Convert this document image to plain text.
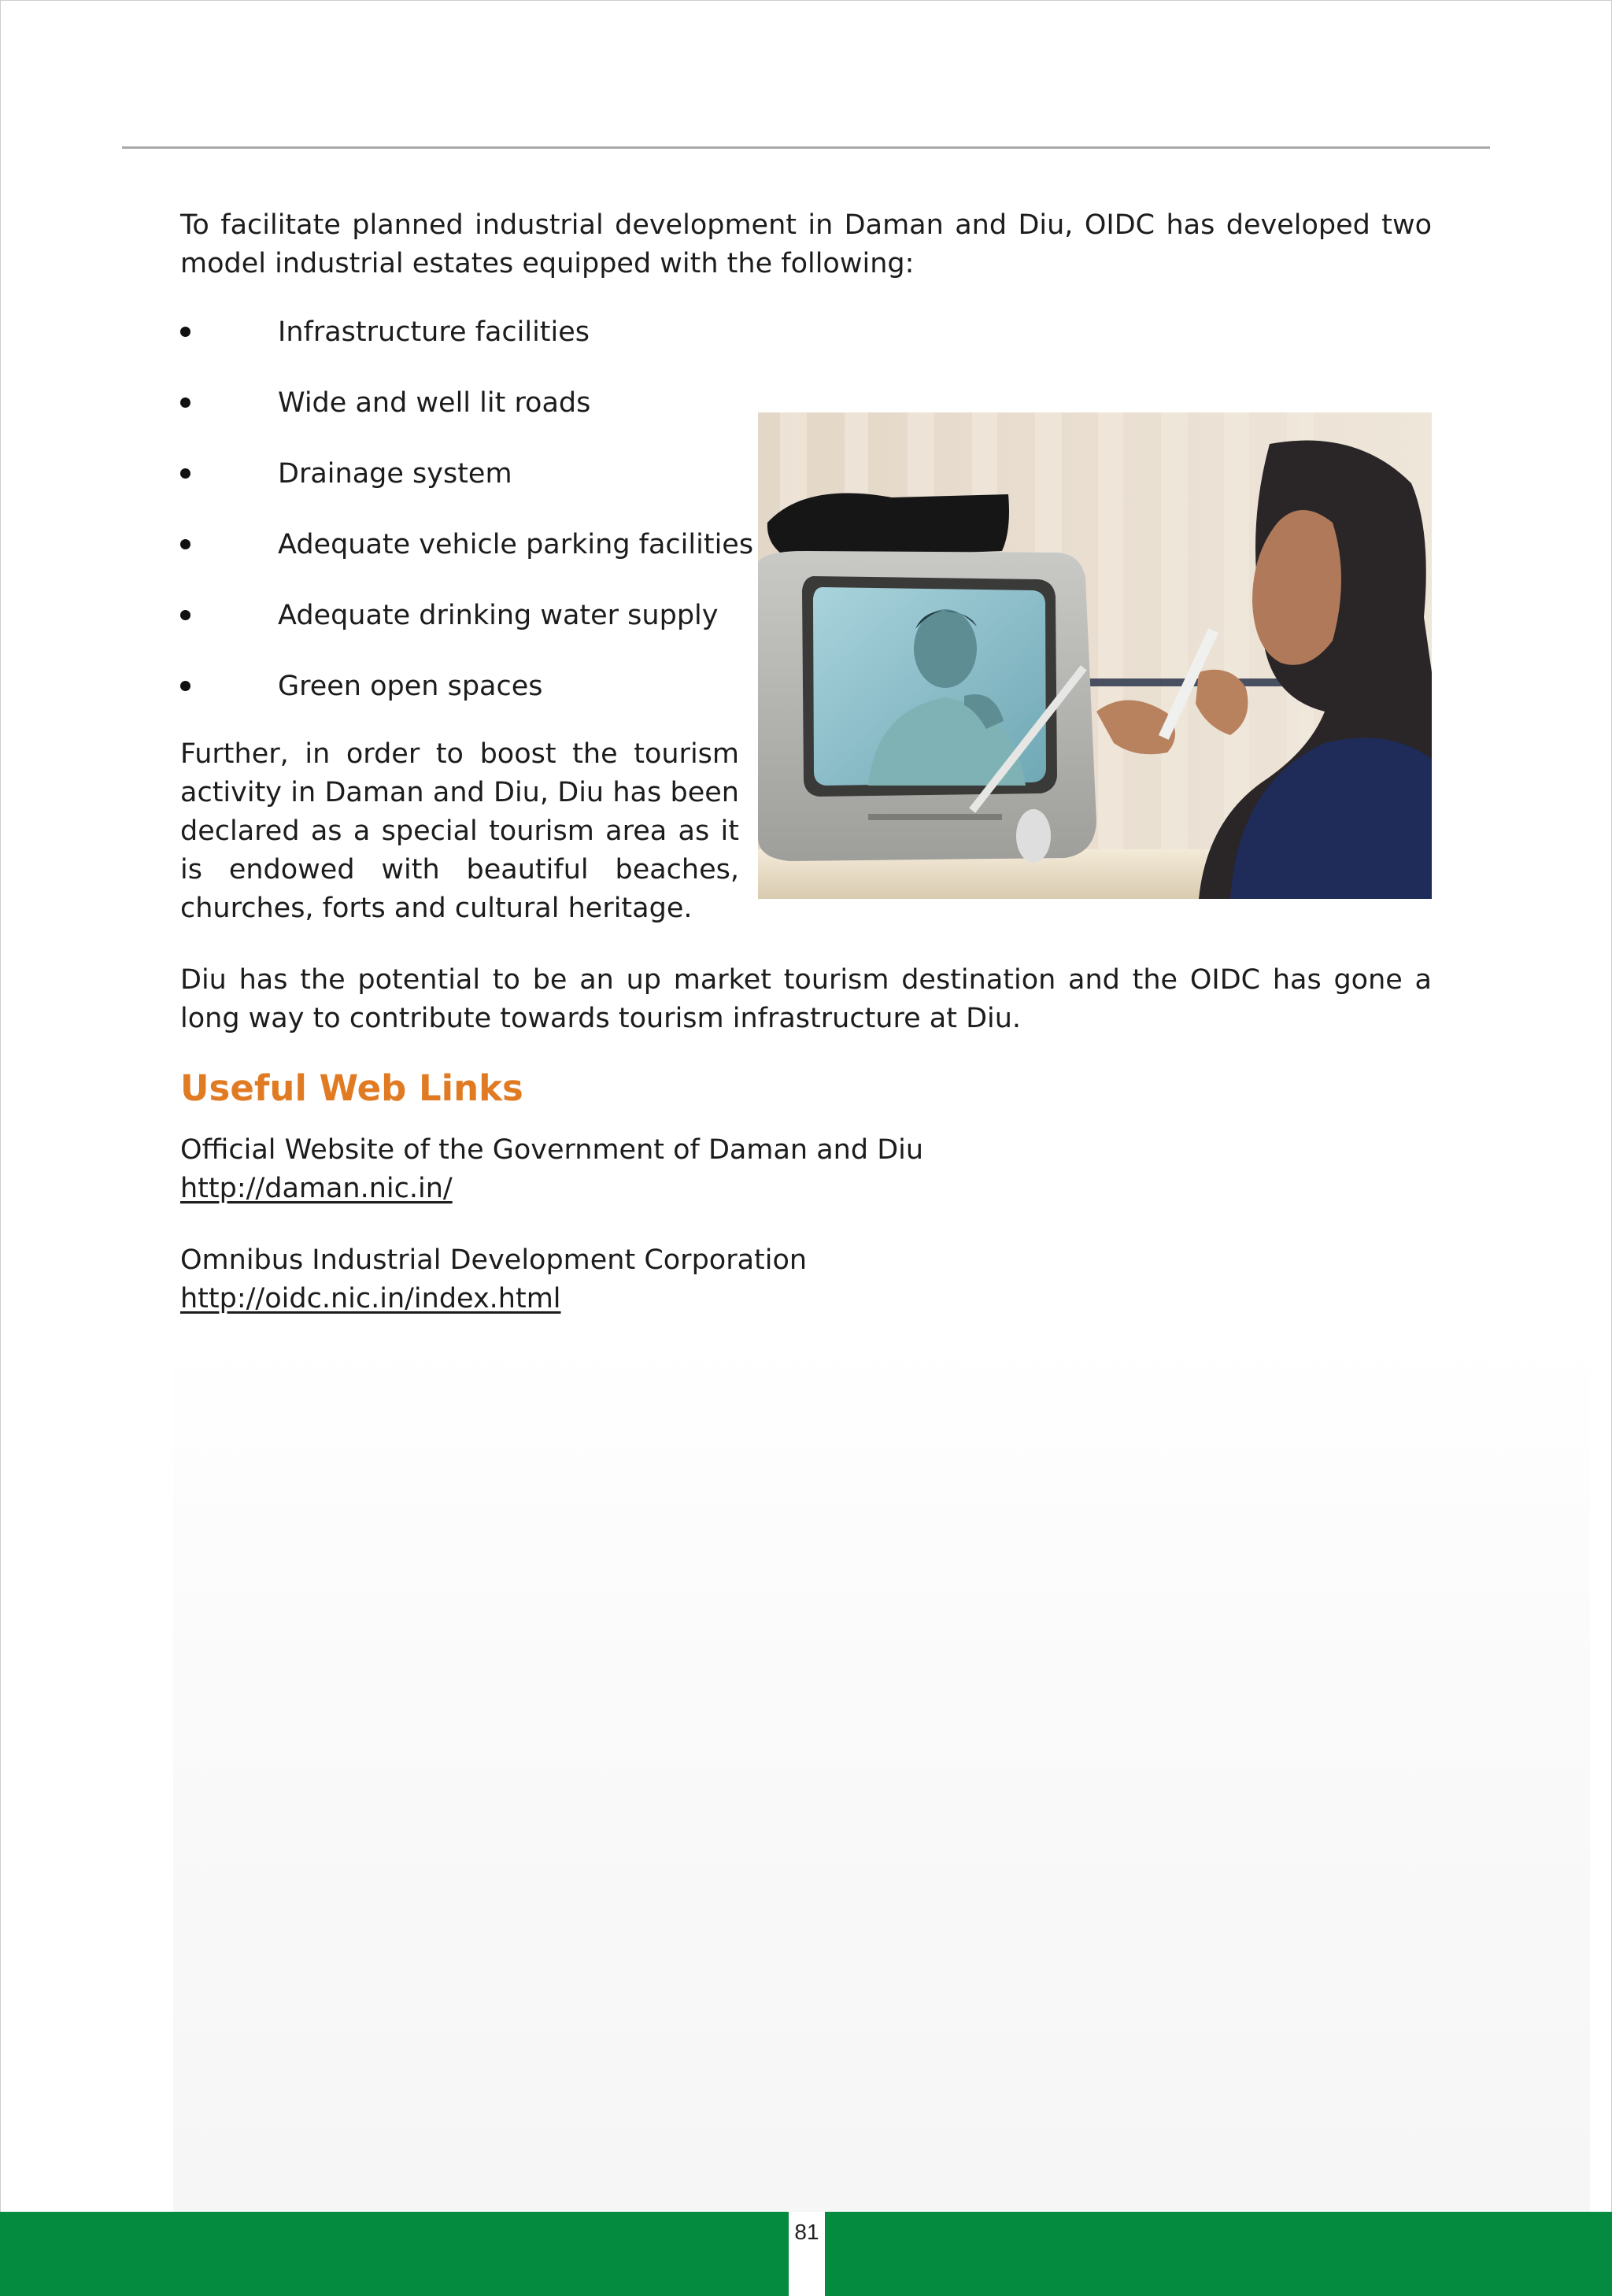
To facilitate planned industrial development in Daman and Diu, OIDC has developed two model industrial estates equipped with the following:

Infrastructure facilities
Wide and well lit roads
Drainage system
Adequate vehicle parking facilities
Adequate drinking water supply
Green open spaces

Further, in order to boost the tourism activity in Daman and Diu, Diu has been declared as a special tourism area as it is endowed with beautiful beaches, churches, forts and cultural heritage.

Diu has the potential to be an up market tourism destination and the OIDC has gone a long way to contribute towards tourism infrastructure at Diu.

Useful Web Links

Official Website of the Government of Daman and Diu

http://daman.nic.in/

Omnibus Industrial Development Corporation

http://oidc.nic.in/index.html

81
